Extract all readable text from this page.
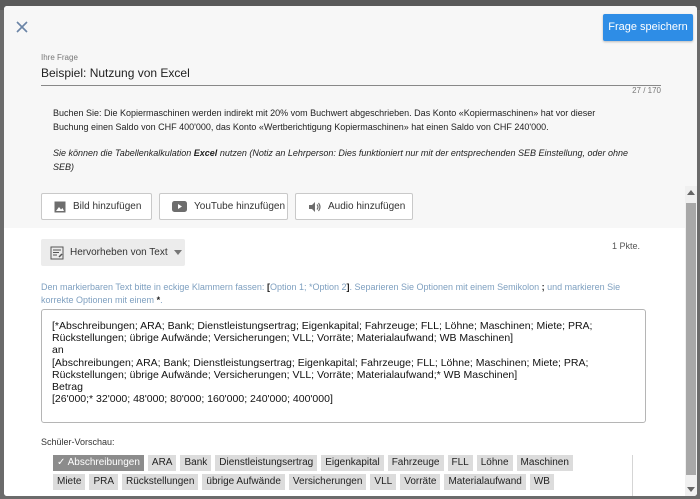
Frage speichern
Ihre Frage
Beispiel: Nutzung von Excel
27 / 170
Buchen Sie: Die Kopiermaschinen werden indirekt mit 20% vom Buchwert abgeschrieben. Das Konto «Kopiermaschinen» hat vor dieser Buchung einen Saldo von CHF 400'000, das Konto «Wertberichtigung Kopiermaschinen» hat einen Saldo von CHF 240'000.
Sie können die Tabellenkalkulation Excel nutzen (Notiz an Lehrperson: Dies funktioniert nur mit der entsprechenden SEB Einstellung, oder ohne SEB)
Bild hinzufügen	YouTube hinzufügen	Audio hinzufügen
Hervorheben von Text
1 Pkte.
Den markierbaren Text bitte in eckige Klammern fassen: [Option 1; *Option 2]. Separieren Sie Optionen mit einem Semikolon ; und markieren Sie korrekte Optionen mit einem *.
[*Abschreibungen; ARA; Bank; Dienstleistungsertrag; Eigenkapital; Fahrzeuge; FLL; Löhne; Maschinen; Miete; PRA;
Rückstellungen; übrige Aufwände; Versicherungen; VLL; Vorräte; Materialaufwand; WB Maschinen]
an
[Abschreibungen; ARA; Bank; Dienstleistungsertrag; Eigenkapital; Fahrzeuge; FLL; Löhne; Maschinen; Miete; PRA;
Rückstellungen; übrige Aufwände; Versicherungen; VLL; Vorräte; Materialaufwand;* WB Maschinen]
Betrag
[26'000;* 32'000; 48'000; 80'000; 160'000; 240'000; 400'000]
Schüler-Vorschau:
✓ Abschreibungen	ARA	Bank	Dienstleistungsertrag	Eigenkapital	Fahrzeuge	FLL	Löhne	Maschinen
Miete	PRA	Rückstellungen	übrige Aufwände	Versicherungen	VLL	Vorräte	Materialaufwand	WB
